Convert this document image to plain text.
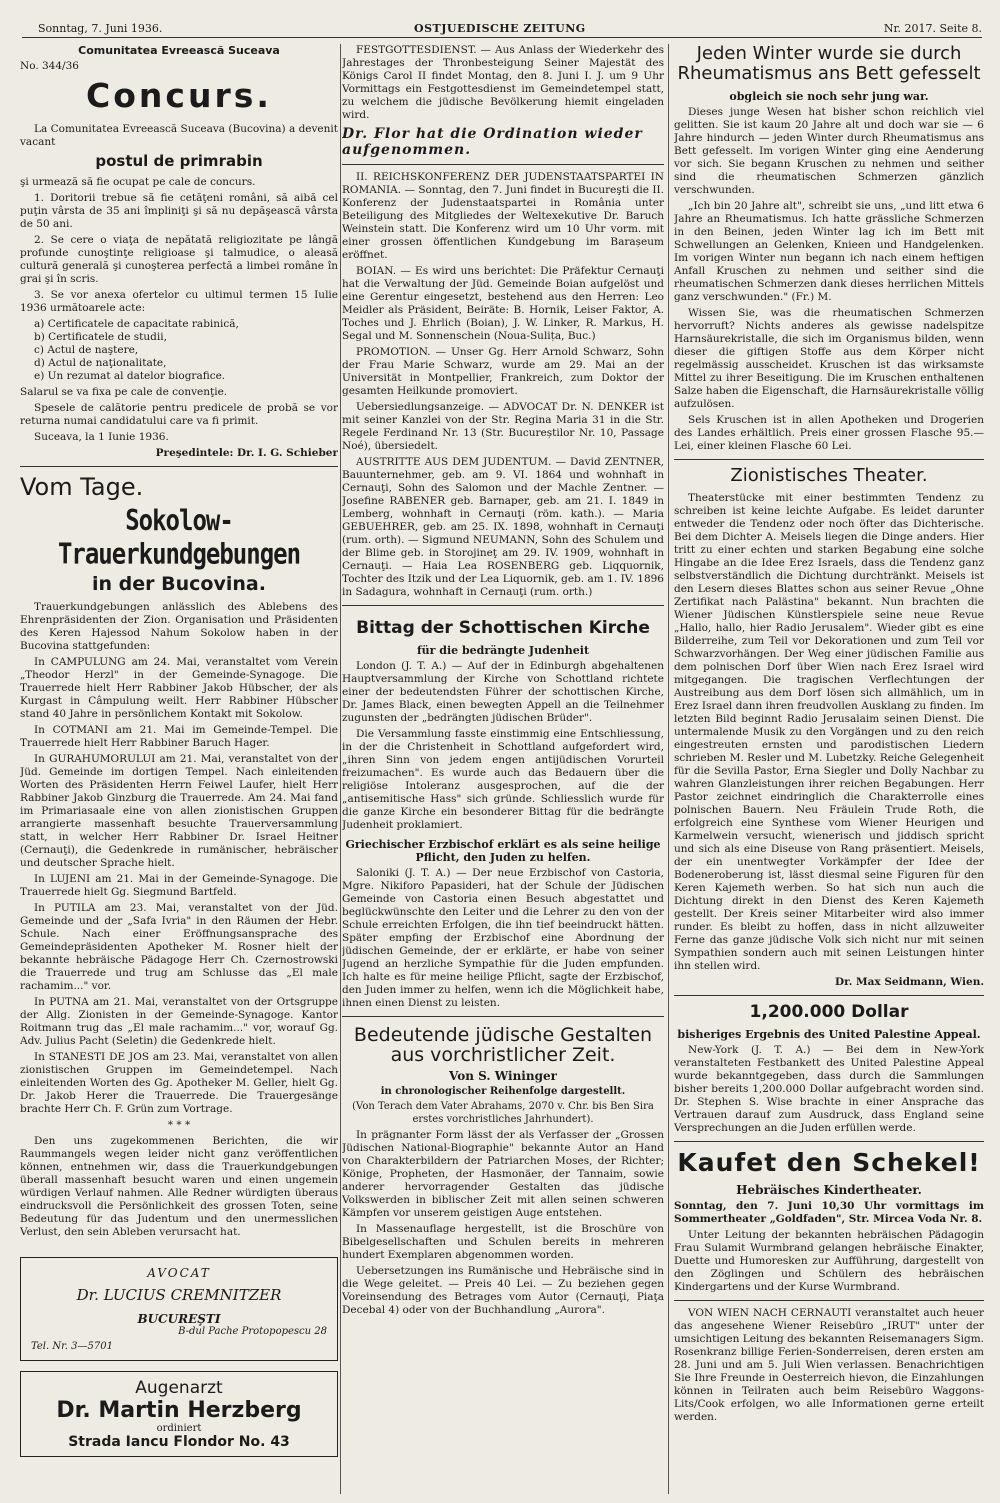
Sonntag, 7. Juni 1936.	OSTJUEDISCHE ZEITUNG	Nr. 2017. Seite 8.
Comunitatea Evreească Suceava
No. 344/36
Concurs.
La Comunitatea Evreească Suceava (Bucovina) a devenit vacant
postul de primrabin
şi urmează să fie ocupat pe cale de concurs.
1. Doritorii trebue să fie cetăţeni români, să aibă cel puţin vârsta de 35 ani împliniţi şi să nu depăşească vârsta de 50 ani.
2. Se cere o viaţa de nepătată religiozitate pe lângă profunde cunoştinţe religioase şi talmudice, o aleasă cultură generală şi cunoşterea perfectă a limbei române în grai şi în scris.
3. Se vor anexa ofertelor cu ultimul termen 15 Iulie 1936 următoarele acte:
a) Certificatele de capacitate rabinică,
b) Certificatele de studii,
c) Actul de naştere,
d) Actul de naţionalitate,
e) Un rezumat al datelor biografice.
Salarul se va fixa pe cale de convenţie.
Spesele de calătorie pentru predicele de probă se vor returna numai candidatului care va fi primit.
Suceava, la 1 Iunie 1936.
Preşedintele: Dr. I. G. Schieber
Vom Tage.
Sokolow-Trauerkundgebungen
in der Bucovina.
Trauerkundgebungen anlässlich des Ablebens des Ehrenpräsidenten der Zion. Organisation und Präsidenten des Keren Hajessod Nahum Sokolow haben in der Bucovina stattgefunden:
In CAMPULUNG am 24. Mai, veranstaltet vom Verein „Theodor Herzl" in der Gemeinde-Synagoge. Die Trauerrede hielt Herr Rabbiner Jakob Hübscher, der als Kurgast in Câmpulung weilt. Herr Rabbiner Hübscher stand 40 Jahre in persönlichem Kontakt mit Sokolow.
In COTMANI am 21. Mai im Gemeinde-Tempel. Die Trauerrede hielt Herr Rabbiner Baruch Hager.
In GURAHUMORULUI am 21. Mai, veranstaltet von der Jüd. Gemeinde im dortigen Tempel. Nach einleitenden Worten des Präsidenten Herrn Feiwel Laufer, hielt Herr Rabbiner Jakob Ginzburg die Trauerrede. Am 24. Mai fand im Primariasaale eine von allen zionistischen Gruppen arrangierte massenhaft besuchte Trauerversammlung statt, in welcher Herr Rabbiner Dr. Israel Heitner (Cernauţi), die Gedenkrede in rumänischer, hebräischer und deutscher Sprache hielt.
In LUJENI am 21. Mai in der Gemeinde-Synagoge. Die Trauerrede hielt Gg. Siegmund Bartfeld.
In PUTILA am 23. Mai, veranstaltet von der Jüd. Gemeinde und der „Safa Ivria" in den Räumen der Hebr. Schule. Nach einer Eröffnungsansprache des Gemeindepräsidenten Apotheker M. Rosner hielt der bekannte hebräische Pädagoge Herr Ch. Czernostrowski die Trauerrede und trug am Schlusse das „El male rachamim..." vor.
In PUTNA am 21. Mai, veranstaltet von der Ortsgruppe der Allg. Zionisten in der Gemeinde-Synagoge. Kantor Roitmann trug das „El male rachamim..." vor, worauf Gg. Adv. Julius Pacht (Seletin) die Gedenkrede hielt.
In STANESTI DE JOS am 23. Mai, veranstaltet von allen zionistischen Gruppen im Gemeindetempel. Nach einleitenden Worten des Gg. Apotheker M. Geller, hielt Gg. Dr. Jakob Herer die Trauerrede. Die Trauergesänge brachte Herr Ch. F. Grün zum Vortrage.
* * *
Den uns zugekommenen Berichten, die wir Raummangels wegen leider nicht ganz veröffentlichen können, entnehmen wir, dass die Trauerkundgebungen überall massenhaft besucht waren und einen ungemein würdigen Verlauf nahmen. Alle Redner würdigten überaus eindrucksvoll die Persönlichkeit des grossen Toten, seine Bedeutung für das Judentum und den unermesslichen Verlust, den sein Ableben verursacht hat.
AVOCAT
Dr. LUCIUS CREMNITZER
BUCUREŞTI
B-dul Pache Protopopescu 28
Tel. Nr. 3—5701
Augenarzt
Dr. Martin Herzberg
ordiniert
Strada Iancu Flondor No. 43
FESTGOTTESDIENST. — Aus Anlass der Wiederkehr des Jahrestages der Thronbesteigung Seiner Majestät des Königs Carol II findet Montag, den 8. Juni I. J. um 9 Uhr Vormittags ein Festgottesdienst im Gemeindetempel statt, zu welchem die jüdische Bevölkerung hiemit eingeladen wird.
Dr. Flor hat die Ordination wieder aufgenommen.
II. REICHSKONFERENZ DER JUDENSTAATSPARTEI IN ROMANIA. — Sonntag, den 7. Juni findet in Bucureşti die II. Konferenz der Judenstaatspartei in România unter Beteiligung des Mitgliedes der Weltexekutive Dr. Baruch Weinstein statt. Die Konferenz wird um 10 Uhr vorm. mit einer grossen öffentlichen Kundgebung im Barașeum eröffnet.
BOIAN. — Es wird uns berichtet: Die Präfektur Cernauţi hat die Verwaltung der Jüd. Gemeinde Boian aufgelöst und eine Gerentur eingesetzt, bestehend aus den Herren: Leo Meidler als Präsident, Beiräte: B. Hornik, Leiser Faktor, A. Toches und J. Ehrlich (Boian), J. W. Linker, R. Markus, H. Segal und M. Sonnenschein (Noua-Sulița, Buc.)
PROMOTION. — Unser Gg. Herr Arnold Schwarz, Sohn der Frau Marie Schwarz, wurde am 29. Mai an der Universität in Montpellier, Frankreich, zum Doktor der gesamten Heilkunde promoviert.
Uebersiedlungsanzeige. — ADVOCAT Dr. N. DENKER ist mit seiner Kanzlei von der Str. Regina Maria 31 in die Str. Regele Ferdinand Nr. 13 (Str. Bucureștilor Nr. 10, Passage Noé), übersiedelt.
AUSTRITTE AUS DEM JUDENTUM. — David ZENTNER, Bauunternehmer, geb. am 9. VI. 1864 und wohnhaft in Cernauţi, Sohn des Salomon und der Machle Zentner. — Josefine RABENER geb. Barnaper, geb. am 21. I. 1849 in Lemberg, wohnhaft in Cernauţi (röm. kath.). — Maria GEBUEHRER, geb. am 25. IX. 1898, wohnhaft in Cernauţi (rum. orth). — Sigmund NEUMANN, Sohn des Schulem und der Blime geb. in Storojineţ am 29. IV. 1909, wohnhaft in Cernauţi. — Haia Lea ROSENBERG geb. Liqquornik, Tochter des Itzik und der Lea Liquornik, geb. am 1. IV. 1896 in Sadagura, wohnhaft in Cernauţi (rum. orth.)
Bittag der Schottischen Kirche
für die bedrängte Judenheit
London (J. T. A.) — Auf der in Edinburgh abgehaltenen Hauptversammlung der Kirche von Schottland richtete einer der bedeutendsten Führer der schottischen Kirche, Dr. James Black, einen bewegten Appell an die Teilnehmer zugunsten der „bedrängten jüdischen Brüder".
Die Versammlung fasste einstimmig eine Entschliessung, in der die Christenheit in Schottland aufgefordert wird, „ihren Sinn von jedem engen antijüdischen Vorurteil freizumachen". Es wurde auch das Bedauern über die religiöse Intoleranz ausgesprochen, auf die der „antisemitische Hass" sich gründe. Schliesslich wurde für die ganze Kirche ein besonderer Bittag für die bedrängte Judenheit proklamiert.
Griechischer Erzbischof erklärt es als seine heilige Pflicht, den Juden zu helfen.
Saloniki (J. T. A.) — Der neue Erzbischof von Castoria, Mgre. Nikiforo Papasideri, hat der Schule der Jüdischen Gemeinde von Castoria einen Besuch abgestattet und beglückwünschte den Leiter und die Lehrer zu den von der Schule erreichten Erfolgen, die ihn tief beeindruckt hätten. Später empfing der Erzbischof eine Abordnung der jüdischen Gemeinde, der er erklärte, er habe von seiner Jugend an herzliche Sympathie für die Juden empfunden. Ich halte es für meine heilige Pflicht, sagte der Erzbischof, den Juden immer zu helfen, wenn ich die Möglichkeit habe, ihnen einen Dienst zu leisten.
Bedeutende jüdische Gestalten aus vorchristlicher Zeit.
Von S. Wininger
in chronologischer Reihenfolge dargestellt.
(Von Terach dem Vater Abrahams, 2070 v. Chr. bis Ben Sira erstes vorchristliches Jahrhundert).
In prägnanter Form lässt der als Verfasser der „Grossen Jüdischen National-Biographie" bekannte Autor an Hand von Charakterbildern der Patriarchen Moses, der Richter; Könige, Propheten, der Hasmonäer, der Tannaim, sowie anderer hervorragender Gestalten das jüdische Volkswerden in biblischer Zeit mit allen seinen schweren Kämpfen vor unserem geistigen Auge entstehen.
In Massenauflage hergestellt, ist die Broschüre von Bibelgesellschaften und Schulen bereits in mehreren hundert Exemplaren abgenommen worden.
Uebersetzungen ins Rumänische und Hebräische sind in die Wege geleitet. — Preis 40 Lei. — Zu beziehen gegen Voreinsendung des Betrages vom Autor (Cernauţi, Piaţa Decebal 4) oder von der Buchhandlung „Aurora".
Jeden Winter wurde sie durch
Rheumatismus ans Bett gefesselt
obgleich sie noch sehr jung war.
Dieses junge Wesen hat bisher schon reichlich viel gelitten. Sie ist kaum 20 Jahre alt und doch war sie — 6 Jahre hindurch — jeden Winter durch Rheumatismus ans Bett gefesselt. Im vorigen Winter ging eine Aenderung vor sich. Sie begann Kruschen zu nehmen und seither sind die rheumatischen Schmerzen gänzlich verschwunden.
„Ich bin 20 Jahre alt", schreibt sie uns, „und litt etwa 6 Jahre an Rheumatismus. Ich hatte grässliche Schmerzen in den Beinen, jeden Winter lag ich im Bett mit Schwellungen an Gelenken, Knieen und Handgelenken. Im vorigen Winter nun begann ich nach einem heftigen Anfall Kruschen zu nehmen und seither sind die rheumatischen Schmerzen dank dieses herrlichen Mittels ganz verschwunden." (Fr.) M.
Wissen Sie, was die rheumatischen Schmerzen hervorruft? Nichts anderes als gewisse nadelspitze Harnsäurekristalle, die sich im Organismus bilden, wenn dieser die giftigen Stoffe aus dem Körper nicht regelmässig ausscheidet. Kruschen ist das wirksamste Mittel zu ihrer Beseitigung. Die im Kruschen enthaltenen Salze haben die Eigenschaft, die Harnsäurekristalle völlig aufzulösen.
Sels Kruschen ist in allen Apotheken und Drogerien des Landes erhältlich. Preis einer grossen Flasche 95.— Lei, einer kleinen Flasche 60 Lei.
Zionistisches Theater.
Theaterstücke mit einer bestimmten Tendenz zu schreiben ist keine leichte Aufgabe. Es leidet darunter entweder die Tendenz oder noch öfter das Dichterische. Bei dem Dichter A. Meisels liegen die Dinge anders. Hier tritt zu einer echten und starken Begabung eine solche Hingabe an die Idee Erez Israels, dass die Tendenz ganz selbstverständlich die Dichtung durchtränkt. Meisels ist den Lesern dieses Blattes schon aus seiner Revue „Ohne Zertifikat nach Palästina" bekannt. Nun brachten die Wiener Jüdischen Künstlerspiele seine neue Revue „Hallo, hallo, hier Radio Jerusalem". Wieder gibt es eine Bilderreihe, zum Teil vor Dekorationen und zum Teil vor Schwarzvorhängen. Der Weg einer jüdischen Familie aus dem polnischen Dorf über Wien nach Erez Israel wird mitgegangen. Die tragischen Verflechtungen der Austreibung aus dem Dorf lösen sich allmählich, um in Erez Israel dann ihren freudvollen Ausklang zu finden. Im letzten Bild beginnt Radio Jerusalaim seinen Dienst. Die untermalende Musik zu den Vorgängen und zu den reich eingestreuten ernsten und parodistischen Liedern schrieben M. Resler und M. Lubetzky. Reiche Gelegenheit für die Sevilla Pastor, Erna Siegler und Dolly Nachbar zu wahren Glanzleistungen ihrer reichen Begabungen. Herr Pastor zeichnet eindringlich die Charakterrolle eines polnischen Bauern. Neu Fräulein Trude Roth, die erfolgreich eine Synthese vom Wiener Heurigen und Karmelwein versucht, wienerisch und jiddisch spricht und sich als eine Diseuse von Rang präsentiert. Meisels, der ein unentwegter Vorkämpfer der Idee der Bodeneroberung ist, lässt diesmal seine Figuren für den Keren Kajemeth werben. So hat sich nun auch die Dichtung direkt in den Dienst des Keren Kajemeth gestellt. Der Kreis seiner Mitarbeiter wird also immer runder. Es bleibt zu hoffen, dass in nicht allzuweiter Ferne das ganze jüdische Volk sich nicht nur mit seinen Sympathien sondern auch mit seinen Leistungen hinter ihn stellen wird.
Dr. Max Seidmann, Wien.
1,200.000 Dollar
bisheriges Ergebnis des United Palestine Appeal.
New-York (J. T. A.) — Bei dem in New-York veranstalteten Festbankett des United Palestine Appeal wurde bekanntgegeben, dass durch die Sammlungen bisher bereits 1,200.000 Dollar aufgebracht worden sind. Dr. Stephen S. Wise brachte in einer Ansprache das Vertrauen darauf zum Ausdruck, dass England seine Versprechungen an die Juden erfüllen werde.
Kaufet den Schekel!
Hebräisches Kindertheater.
Sonntag, den 7. Juni 10,30 Uhr vormittags im Sommertheater „Goldfaden", Str. Mircea Voda Nr. 8.
Unter Leitung der bekannten hebräischen Pädagogin Frau Sulamit Wurmbrand gelangen hebräische Einakter, Duette und Humoresken zur Aufführung, dargestellt von den Zöglingen und Schülern des hebräischen Kindergartens und der Kurse Wurmbrand.
VON WIEN NACH CERNAUTI veranstaltet auch heuer das angesehene Wiener Reisebüro „IRUT" unter der umsichtigen Leitung des bekannten Reisemanagers Sigm. Rosenkranz billige Ferien-Sonderreisen, deren ersten am 28. Juni und am 5. Juli Wien verlassen. Benachrichtigen Sie Ihre Freunde in Oesterreich hievon, die Einzahlungen können in Teilraten auch beim Reisebüro Waggons-Lits/Cook erfolgen, wo alle Informationen gerne erteilt werden.
